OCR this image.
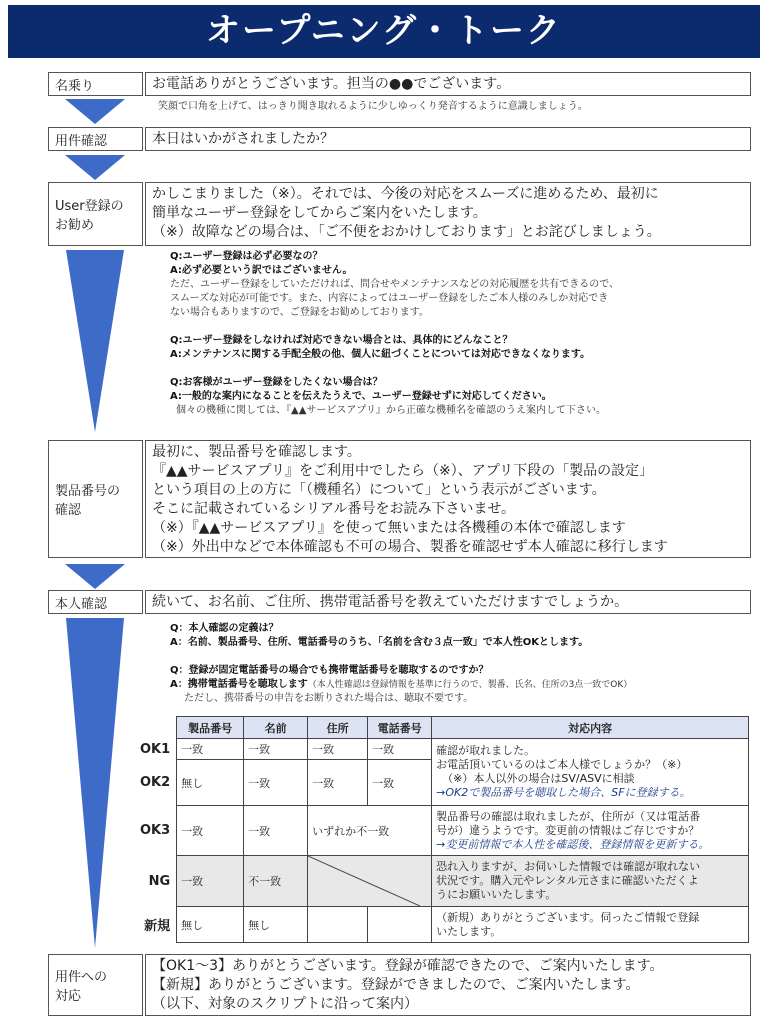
オープニング・トーク
名乗り	お電話ありがとうございます。担当の●●でございます。
笑顔で口角を上げて、はっきり聞き取れるように少しゆっくり発音するように意識しましょう。
用件確認	本日はいかがされましたか？
User登録の
お勧め
かしこまりました（※）。それでは、今後の対応をスムーズに進めるため、最初に
簡単なユーザー登録をしてからご案内をいたします。
（※）故障などの場合は、「ご不便をおかけしております」とお詫びしましょう。
Q:ユーザー登録は必ず必要なの？
A:必ず必要という訳ではございません。
ただ、ユーザー登録をしていただければ、問合せやメンテナンスなどの対応履歴を共有できるので、
スムーズな対応が可能です。また、内容によってはユーザー登録をしたご本人様のみしか対応でき
ない場合もありますので、ご登録をお勧めしております。
Q:ユーザー登録をしなければ対応できない場合とは、具体的にどんなこと？
A:メンテナンスに関する手配全般の他、個人に紐づくことについては対応できなくなります。
Q:お客様がユーザー登録をしたくない場合は？
A:一般的な案内になることを伝えたうえで、ユーザー登録せずに対応してください。
個々の機種に関しては、『▲▲サービスアプリ』から正確な機種名を確認のうえ案内して下さい。
製品番号の
確認
最初に、製品番号を確認します。
『▲▲サービスアプリ』をご利用中でしたら（※）、アプリ下段の「製品の設定」
という項目の上の方に「（機種名）について」という表示がございます。
そこに記載されているシリアル番号をお読み下さいませ。
（※）『▲▲サービスアプリ』を使って無いまたは各機種の本体で確認します
（※）外出中などで本体確認も不可の場合、製番を確認せず本人確認に移行します
本人確認	続いて、お名前、ご住所、携帯電話番号を教えていただけますでしょうか。
Q：本人確認の定義は？
A：名前、製品番号、住所、電話番号のうち、「名前を含む３点一致」で本人性OKとします。
Q：登録が固定電話番号の場合でも携帯電話番号を聴取するのですか？
A：携帯電話番号を聴取します（本人性確認は登録情報を基準に行うので、製番、氏名、住所の3点一致でOK）
ただし、携帯番号の申告をお断りされた場合は、聴取不要です。
	製品番号	名前	住所	電話番号	対応内容
OK1	一致	一致	一致	一致	確認が取れました。
お電話頂いているのはご本人様でしょうか？（※）
（※）本人以外の場合はSV/ASVに相談
→OK2で製品番号を聴取した場合、SFに登録する。

OK2	無し	一致	一致	一致	
OK3	一致	一致	いずれか不一致		製品番号の確認は取れましたが、住所が（又は電話番
号が）違うようです。変更前の情報はご存じですか？
→変更前情報で本人性を確認後、登録情報を更新する。

NG	一致	不一致			恐れ入りますが、お伺いした情報では確認が取れない
状況です。購入元やレンタル元さまに確認いただくよ
うにお願いいたします。

新規	無し	無し			（新規）ありがとうございます。伺ったご情報で登録
いたします。
用件への
対応
【OK1〜3】ありがとうございます。登録が確認できたので、ご案内いたします。
【新規】ありがとうございます。登録ができましたので、ご案内いたします。
（以下、対象のスクリプトに沿って案内）
